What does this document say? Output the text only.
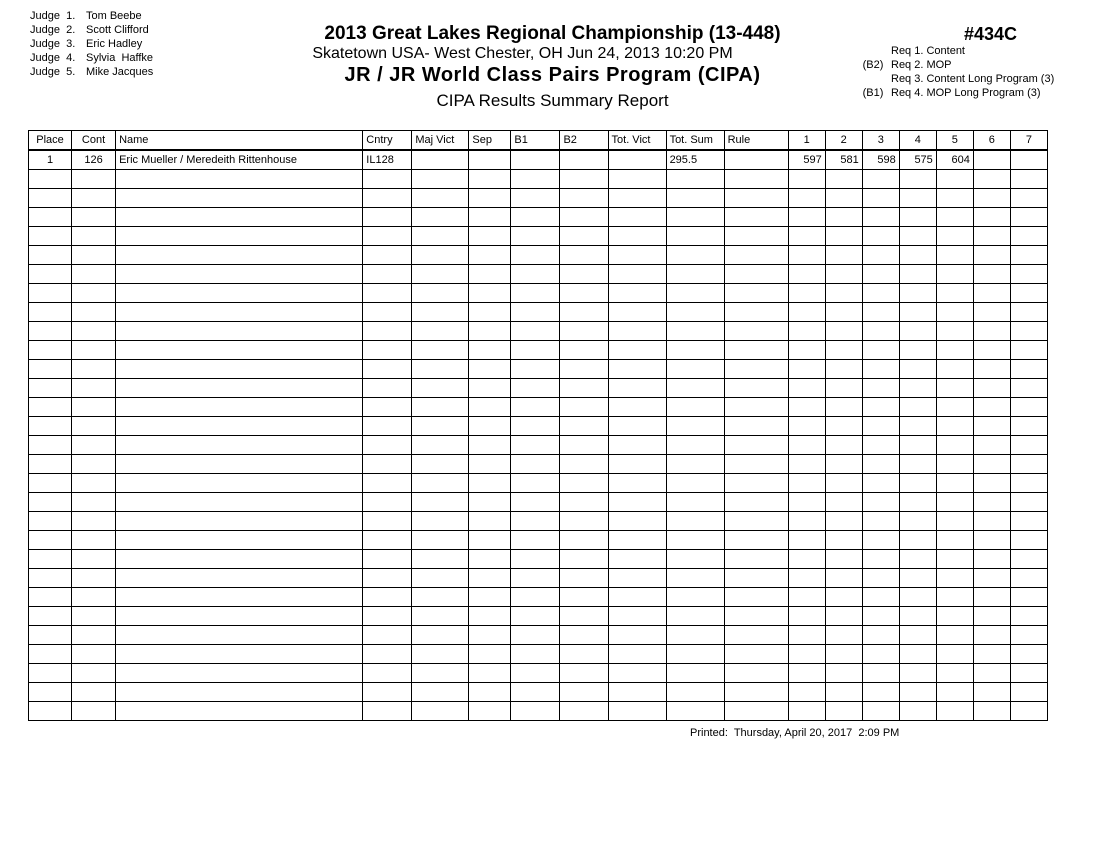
Judge  1. Tom Beebe
Judge  2. Scott Clifford
Judge  3. Eric Hadley
Judge  4. Sylvia  Haffke
Judge  5. Mike Jacques
2013 Great Lakes Regional Championship (13-448)
Skatetown USA- West Chester, OH Jun 24, 2013 10:20 PM
JR / JR World Class Pairs Program (CIPA)
CIPA Results Summary Report
#434C
Req 1. Content
(B2) Req 2. MOP
Req 3. Content Long Program (3)
(B1) Req 4. MOP Long Program (3)
Place	Cont	Name	Cntry	Maj Vict	Sep	B1	B2	Tot. Vict	Tot. Sum	Rule	1	2	3	4	5	6	7
1	126	Eric Mueller / Meredeith Rittenhouse	IL128						295.5		597	581	598	575	604		

Printed:  Thursday, April 20, 2017  2:09 PM
